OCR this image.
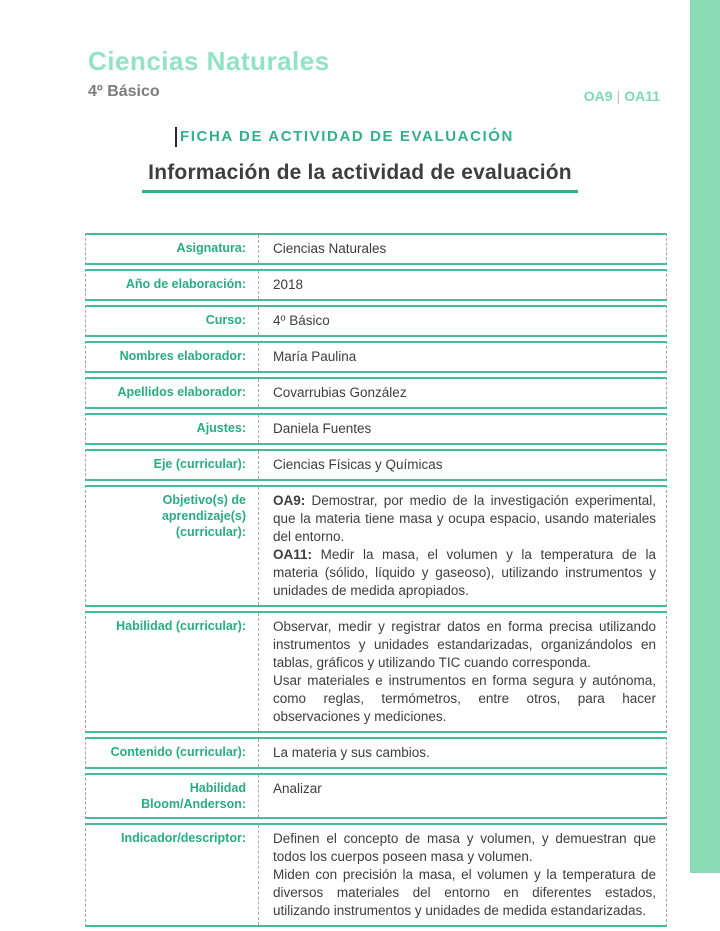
Ciencias Naturales
4º Básico	OA9 | OA11
FICHA DE ACTIVIDAD DE EVALUACIÓN
Información de la actividad de evaluación
Asignatura:	Ciencias Naturales

Año de elaboración:	2018

Curso:	4º Básico

Nombres elaborador:	María Paulina

Apellidos elaborador:	Covarrubias González

Ajustes:	Daniela Fuentes

Eje (curricular):	Ciencias Físicas y Químicas

Objetivo(s) de aprendizaje(s) (curricular):

OA9: Demostrar, por medio de la investigación experimental, que la materia tiene masa y ocupa espacio, usando materiales del entorno.

OA11: Medir la masa, el volumen y la temperatura de la materia (sólido, líquido y gaseoso), utilizando instrumentos y unidades de medida apropiados.

Habilidad (curricular):	Observar, medir y registrar datos en forma precisa utilizando instrumentos y unidades estandarizadas, organizándolos en tablas, gráficos y utilizando TIC cuando corresponda.

Usar materiales e instrumentos en forma segura y autónoma, como reglas, termómetros, entre otros, para hacer observaciones y mediciones.

Contenido (curricular):	La materia y sus cambios.

Habilidad Bloom/Anderson:

Analizar

Indicador/descriptor:	Definen el concepto de masa y volumen, y demuestran que todos los cuerpos poseen masa y volumen.

Miden con precisión la masa, el volumen y la temperatura de diversos materiales del entorno en diferentes estados, utilizando instrumentos y unidades de medida estandarizadas.
